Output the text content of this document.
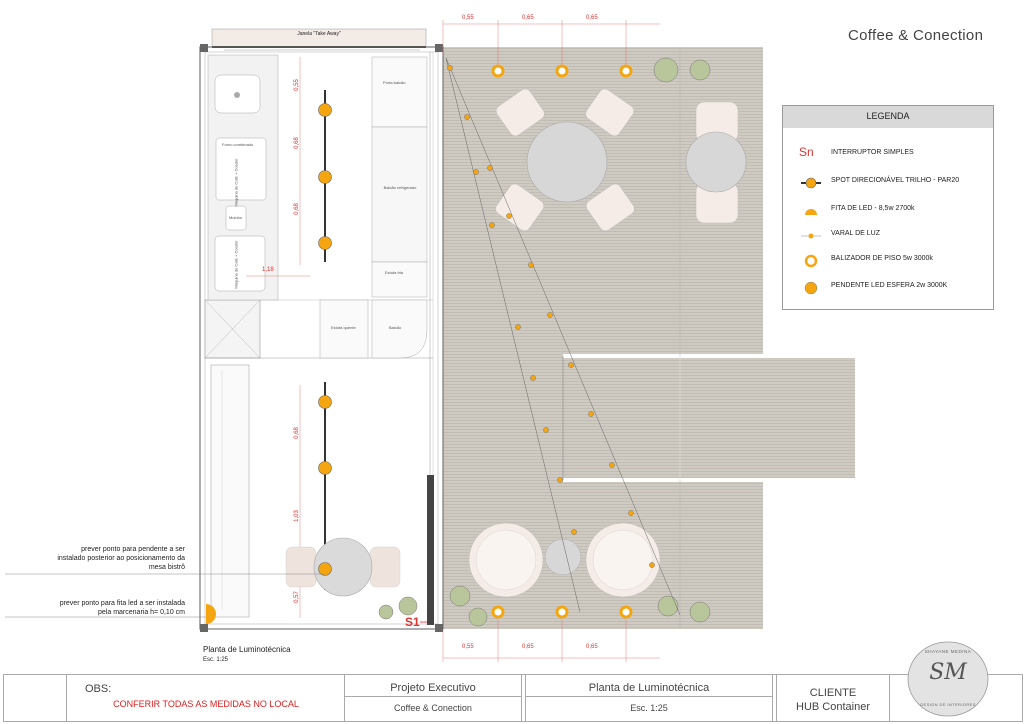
Coffee & Conection
0,55	0,65	0,65
0,55	0,65	0,65
0,55
0,68
0,68
0,68
1,03
0,57
1,18
Janela "Take Away"
Porta balcão
Balcão refrigerado
Forno combinado
Máquina de Café + Coador
Moinho
Máquina de Café + Coador	Estufa fria
Estufa quente	Balcão
S1
Planta de Luminotécnica
Esc. 1:25
prever ponto para pendente a ser
instalado posterior ao posicionamento da
mesa bistrô
prever ponto para fita led a ser instalada
pela marcenaria h= 0,10 cm
LEGENDA
Sn	INTERRUPTOR SIMPLES
SPOT DIRECIONÁVEL TRILHO - PAR20
FITA DE LED - 8,5w 2700k
VARAL DE LUZ
BALIZADOR DE PISO 5w 3000k
PENDENTE LED ESFERA 2w 3000K
OBS:
CONFERIR TODAS AS MEDIDAS NO LOCAL
Projeto Executivo
Coffee & Conection
Planta de Luminotécnica
Esc. 1:25
CLIENTE
HUB Container
SM
SHAYANE MEDINA
DESIGN DE INTERIORES
